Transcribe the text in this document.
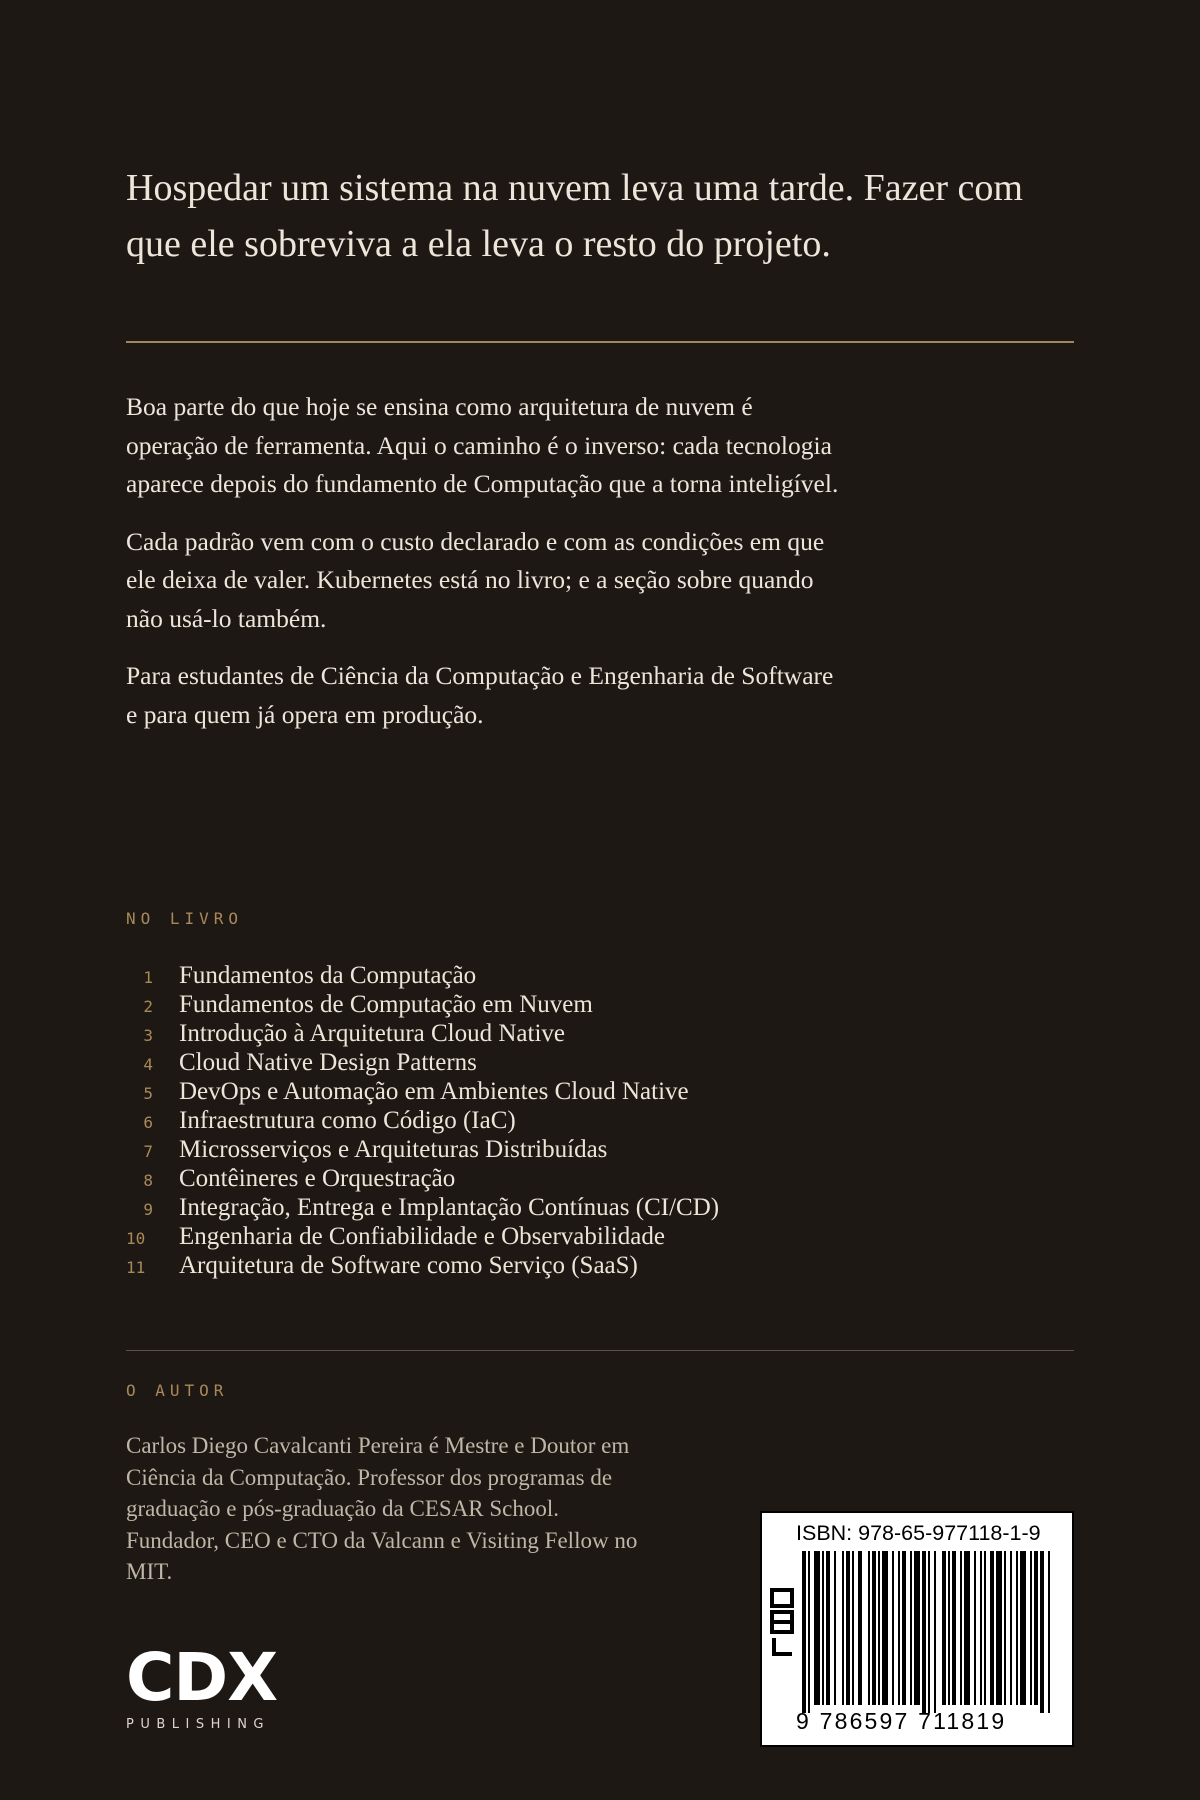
Hospedar um sistema na nuvem leva uma tarde. Fazer com
que ele sobreviva a ela leva o resto do projeto.

Boa parte do que hoje se ensina como arquitetura de nuvem é
operação de ferramenta. Aqui o caminho é o inverso: cada tecnologia
aparece depois do fundamento de Computação que a torna inteligível.

Cada padrão vem com o custo declarado e com as condições em que
ele deixa de valer. Kubernetes está no livro; e a seção sobre quando
não usá-lo também.

Para estudantes de Ciência da Computação e Engenharia de Software
e para quem já opera em produção.

NO LIVRO
1	Fundamentos da Computação
2	Fundamentos de Computação em Nuvem
3	Introdução à Arquitetura Cloud Native
4	Cloud Native Design Patterns
5	DevOps e Automação em Ambientes Cloud Native
6	Infraestrutura como Código (IaC)
7	Microsserviços e Arquiteturas Distribuídas
8	Contêineres e Orquestração
9	Integração, Entrega e Implantação Contínuas (CI/CD)
10	Engenharia de Confiabilidade e Observabilidade
11	Arquitetura de Software como Serviço (SaaS)
O AUTOR
Carlos Diego Cavalcanti Pereira é Mestre e Doutor em
Ciência da Computação. Professor dos programas de
graduação e pós-graduação da CESAR School.
Fundador, CEO e CTO da Valcann e Visiting Fellow no
MIT.
CDX
PUBLISHING
ISBN: 978-65-977118-1-9
9 786597 711819
